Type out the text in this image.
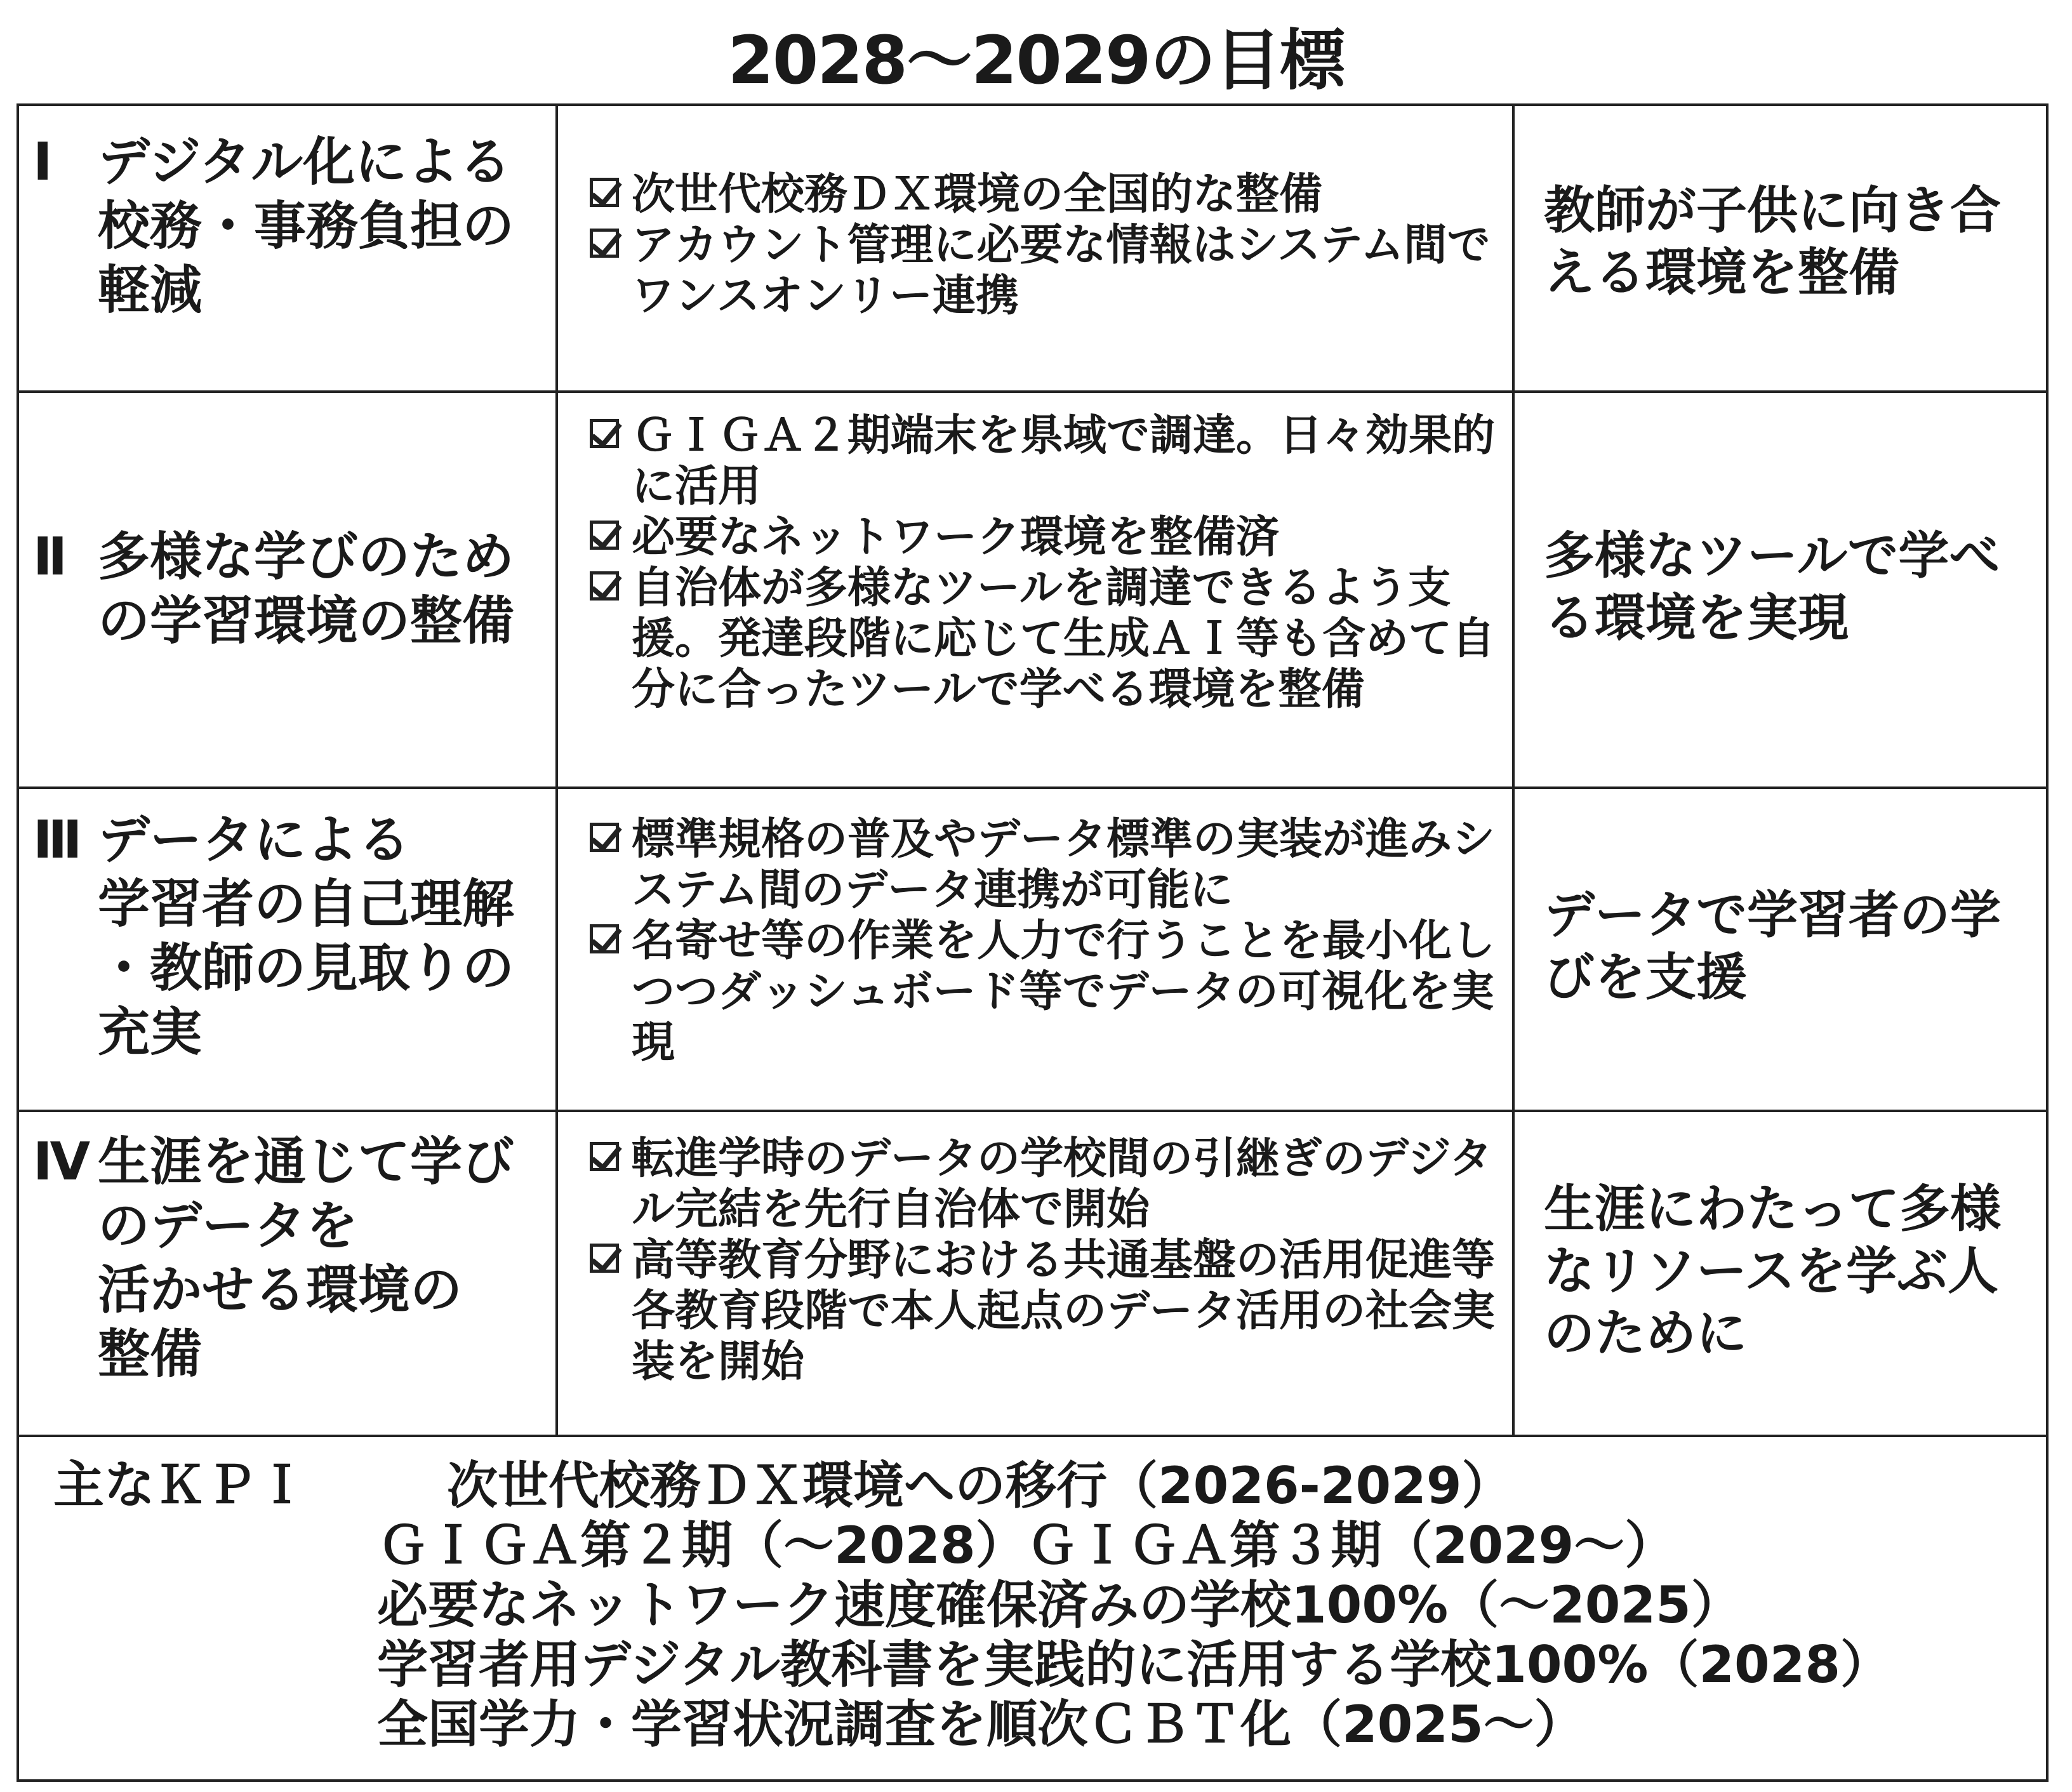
2028〜2029の目標
Ⅰ デジタル化による
校務・事務負担の
軽減
次世代校務ＤＸ環境の全国的な整備
アカウント管理に必要な情報はシステム間でワンスオンリー連携
教師が子供に向き合える環境を整備
Ⅱ 多様な学びのため
の学習環境の整備
ＧＩＧＡ２期端末を県域で調達。日々効果的に活用
必要なネットワーク環境を整備済
自治体が多様なツールを調達できるよう支援。発達段階に応じて生成ＡＩ等も含めて自分に合ったツールで学べる環境を整備
多様なツールで学べる環境を実現
Ⅲ データによる
学習者の自己理解
・教師の見取りの
充実
標準規格の普及やデータ標準の実装が進みシステム間のデータ連携が可能に
名寄せ等の作業を人力で行うことを最小化しつつダッシュボード等でデータの可視化を実現
データで学習者の学びを支援
Ⅳ 生涯を通じて学び
のデータを
活かせる環境の
整備
転進学時のデータの学校間の引継ぎのデジタル完結を先行自治体で開始
高等教育分野における共通基盤の活用促進等各教育段階で本人起点のデータ活用の社会実装を開始
生涯にわたって多様なリソースを学ぶ人のために
主なＫＰＩ	次世代校務ＤＸ環境への移行（2026-2029）
ＧＩＧＡ第２期（〜2028）ＧＩＧＡ第３期（2029〜）
必要なネットワーク速度確保済みの学校100%（〜2025）
学習者用デジタル教科書を実践的に活用する学校100%（2028）
全国学力・学習状況調査を順次ＣＢＴ化（2025〜）
